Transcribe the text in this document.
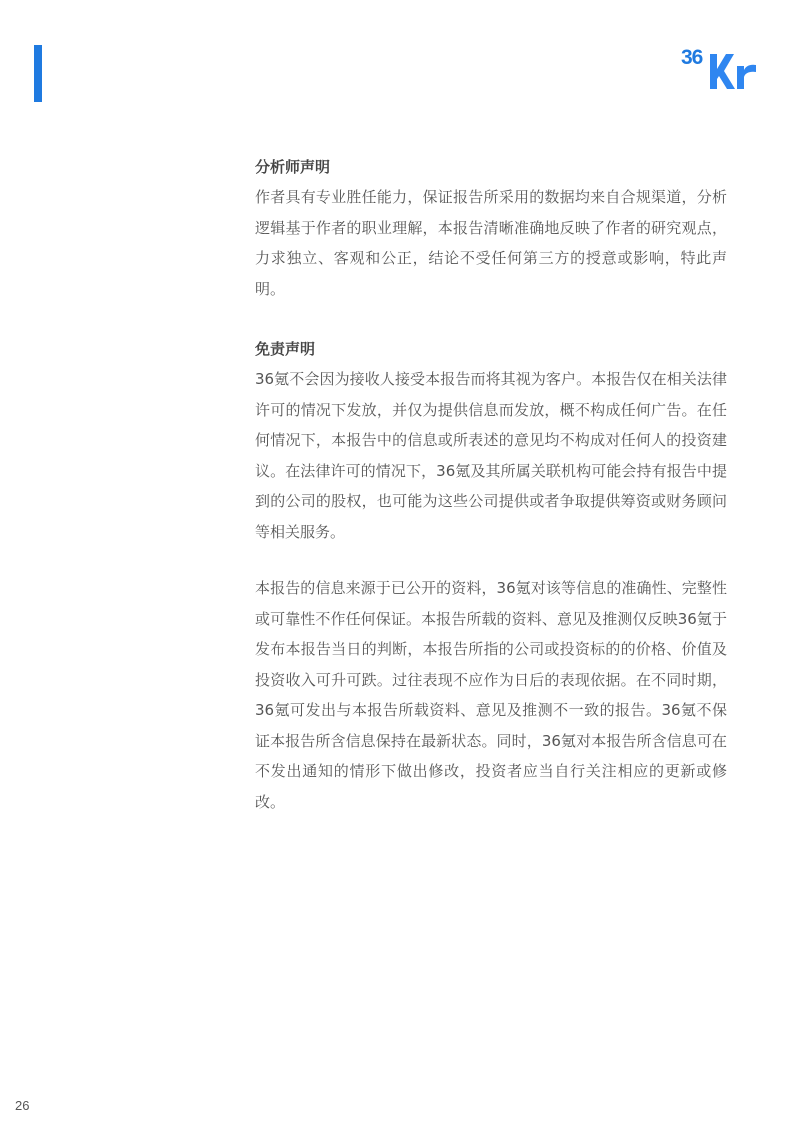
36

分析师声明

作者具有专业胜任能力，保证报告所采用的数据均来自合规渠道，分析逻辑基于作者的职业理解，本报告清晰准确地反映了作者的研究观点，力求独立、客观和公正，结论不受任何第三方的授意或影响，特此声明。

免责声明

36氪不会因为接收人接受本报告而将其视为客户。本报告仅在相关法律许可的情况下发放，并仅为提供信息而发放，概不构成任何广告。在任何情况下，本报告中的信息或所表述的意见均不构成对任何人的投资建议。在法律许可的情况下，36氪及其所属关联机构可能会持有报告中提到的公司的股权，也可能为这些公司提供或者争取提供筹资或财务顾问等相关服务。

本报告的信息来源于已公开的资料，36氪对该等信息的准确性、完整性或可靠性不作任何保证。本报告所载的资料、意见及推测仅反映36氪于发布本报告当日的判断，本报告所指的公司或投资标的的价格、价值及投资收入可升可跌。过往表现不应作为日后的表现依据。在不同时期，36氪可发出与本报告所载资料、意见及推测不一致的报告。36氪不保证本报告所含信息保持在最新状态。同时，36氪对本报告所含信息可在不发出通知的情形下做出修改，投资者应当自行关注相应的更新或修改。

26
